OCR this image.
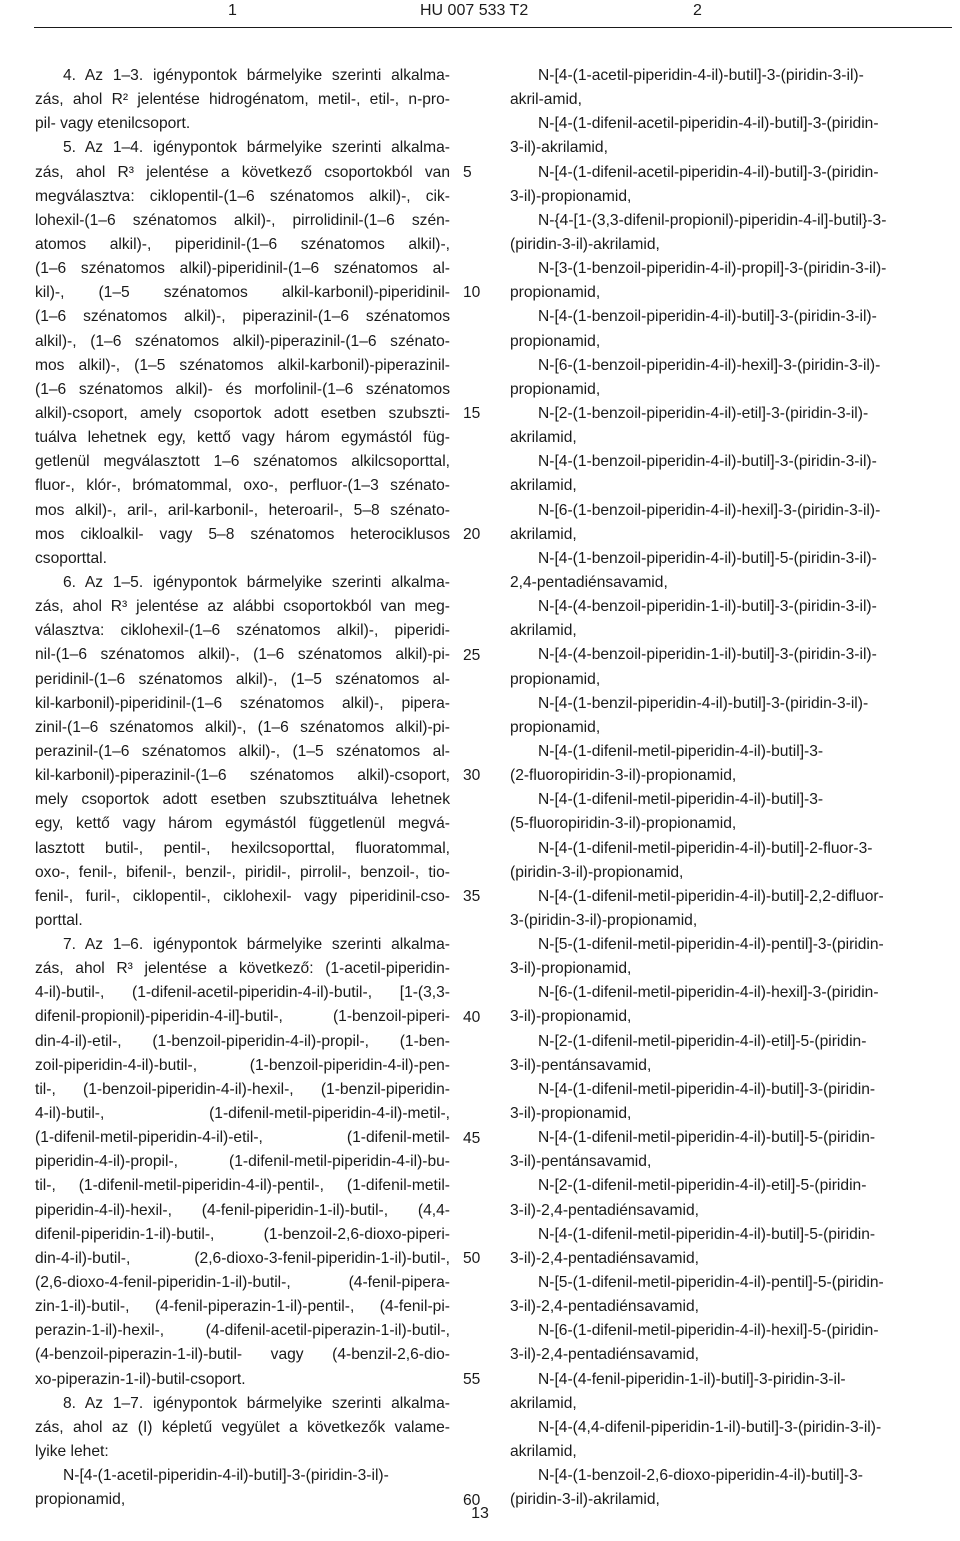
1	HU 007 533 T2	2
4. Az 1–3. igénypontok bármelyike szerinti alkalma-
zás, ahol R² jelentése hidrogénatom, metil-, etil-, n-pro-
pil- vagy etenilcsoport.
5. Az 1–4. igénypontok bármelyike szerinti alkalma-
zás, ahol R³ jelentése a következő csoportokból van
megválasztva: ciklopentil-(1–6 szénatomos alkil)-, cik-
lohexil-(1–6 szénatomos alkil)-, pirrolidinil-(1–6 szén-
atomos alkil)-, piperidinil-(1–6 szénatomos alkil)-,
(1–6 szénatomos alkil)-piperidinil-(1–6 szénatomos al-
kil)-, (1–5 szénatomos alkil-karbonil)-piperidinil-
(1–6 szénatomos alkil)-, piperazinil-(1–6 szénatomos
alkil)-, (1–6 szénatomos alkil)-piperazinil-(1–6 szénato-
mos alkil)-, (1–5 szénatomos alkil-karbonil)-piperazinil-
(1–6 szénatomos alkil)- és morfolinil-(1–6 szénatomos
alkil)-csoport, amely csoportok adott esetben szubszti-
tuálva lehetnek egy, kettő vagy három egymástól füg-
getlenül megválasztott 1–6 szénatomos alkilcsoporttal,
fluor-, klór-, brómatommal, oxo-, perfluor-(1–3 szénato-
mos alkil)-, aril-, aril-karbonil-, heteroaril-, 5–8 szénato-
mos cikloalkil- vagy 5–8 szénatomos heterociklusos
csoporttal.
6. Az 1–5. igénypontok bármelyike szerinti alkalma-
zás, ahol R³ jelentése az alábbi csoportokból van meg-
választva: ciklohexil-(1–6 szénatomos alkil)-, piperidi-
nil-(1–6 szénatomos alkil)-, (1–6 szénatomos alkil)-pi-
peridinil-(1–6 szénatomos alkil)-, (1–5 szénatomos al-
kil-karbonil)-piperidinil-(1–6 szénatomos alkil)-, pipera-
zinil-(1–6 szénatomos alkil)-, (1–6 szénatomos alkil)-pi-
perazinil-(1–6 szénatomos alkil)-, (1–5 szénatomos al-
kil-karbonil)-piperazinil-(1–6 szénatomos alkil)-csoport,
mely csoportok adott esetben szubsztituálva lehetnek
egy, kettő vagy három egymástól függetlenül megvá-
lasztott butil-, pentil-, hexilcsoporttal, fluoratommal,
oxo-, fenil-, bifenil-, benzil-, piridil-, pirrolil-, benzoil-, tio-
fenil-, furil-, ciklopentil-, ciklohexil- vagy piperidinil-cso-
porttal.
7. Az 1–6. igénypontok bármelyike szerinti alkalma-
zás, ahol R³ jelentése a következő: (1-acetil-piperidin-
4-il)-butil-, (1-difenil-acetil-piperidin-4-il)-butil-, [1-(3,3-
difenil-propionil)-piperidin-4-il]-butil-, (1-benzoil-piperi-
din-4-il)-etil-, (1-benzoil-piperidin-4-il)-propil-, (1-ben-
zoil-piperidin-4-il)-butil-, (1-benzoil-piperidin-4-il)-pen-
til-, (1-benzoil-piperidin-4-il)-hexil-, (1-benzil-piperidin-
4-il)-butil-, (1-difenil-metil-piperidin-4-il)-metil-,
(1-difenil-metil-piperidin-4-il)-etil-, (1-difenil-metil-
piperidin-4-il)-propil-, (1-difenil-metil-piperidin-4-il)-bu-
til-, (1-difenil-metil-piperidin-4-il)-pentil-, (1-difenil-metil-
piperidin-4-il)-hexil-, (4-fenil-piperidin-1-il)-butil-, (4,4-
difenil-piperidin-1-il)-butil-, (1-benzoil-2,6-dioxo-piperi-
din-4-il)-butil-, (2,6-dioxo-3-fenil-piperidin-1-il)-butil-,
(2,6-dioxo-4-fenil-piperidin-1-il)-butil-, (4-fenil-pipera-
zin-1-il)-butil-, (4-fenil-piperazin-1-il)-pentil-, (4-fenil-pi-
perazin-1-il)-hexil-, (4-difenil-acetil-piperazin-1-il)-butil-,
(4-benzoil-piperazin-1-il)-butil- vagy (4-benzil-2,6-dio-
xo-piperazin-1-il)-butil-csoport.
8. Az 1–7. igénypontok bármelyike szerinti alkalma-
zás, ahol az (I) képletű vegyület a következők valame-
lyike lehet:
N-[4-(1-acetil-piperidin-4-il)-butil]-3-(piridin-3-il)-
propionamid,
5
10
15
20
25
30
35
40
45
50
55
60
N-[4-(1-acetil-piperidin-4-il)-butil]-3-(piridin-3-il)-
akril-amid,
N-[4-(1-difenil-acetil-piperidin-4-il)-butil]-3-(piridin-
3-il)-akrilamid,
N-[4-(1-difenil-acetil-piperidin-4-il)-butil]-3-(piridin-
3-il)-propionamid,
N-{4-[1-(3,3-difenil-propionil)-piperidin-4-il]-butil}-3-
(piridin-3-il)-akrilamid,
N-[3-(1-benzoil-piperidin-4-il)-propil]-3-(piridin-3-il)-
propionamid,
N-[4-(1-benzoil-piperidin-4-il)-butil]-3-(piridin-3-il)-
propionamid,
N-[6-(1-benzoil-piperidin-4-il)-hexil]-3-(piridin-3-il)-
propionamid,
N-[2-(1-benzoil-piperidin-4-il)-etil]-3-(piridin-3-il)-
akrilamid,
N-[4-(1-benzoil-piperidin-4-il)-butil]-3-(piridin-3-il)-
akrilamid,
N-[6-(1-benzoil-piperidin-4-il)-hexil]-3-(piridin-3-il)-
akrilamid,
N-[4-(1-benzoil-piperidin-4-il)-butil]-5-(piridin-3-il)-
2,4-pentadiénsavamid,
N-[4-(4-benzoil-piperidin-1-il)-butil]-3-(piridin-3-il)-
akrilamid,
N-[4-(4-benzoil-piperidin-1-il)-butil]-3-(piridin-3-il)-
propionamid,
N-[4-(1-benzil-piperidin-4-il)-butil]-3-(piridin-3-il)-
propionamid,
N-[4-(1-difenil-metil-piperidin-4-il)-butil]-3-
(2-fluoropiridin-3-il)-propionamid,
N-[4-(1-difenil-metil-piperidin-4-il)-butil]-3-
(5-fluoropiridin-3-il)-propionamid,
N-[4-(1-difenil-metil-piperidin-4-il)-butil]-2-fluor-3-
(piridin-3-il)-propionamid,
N-[4-(1-difenil-metil-piperidin-4-il)-butil]-2,2-difluor-
3-(piridin-3-il)-propionamid,
N-[5-(1-difenil-metil-piperidin-4-il)-pentil]-3-(piridin-
3-il)-propionamid,
N-[6-(1-difenil-metil-piperidin-4-il)-hexil]-3-(piridin-
3-il)-propionamid,
N-[2-(1-difenil-metil-piperidin-4-il)-etil]-5-(piridin-
3-il)-pentánsavamid,
N-[4-(1-difenil-metil-piperidin-4-il)-butil]-3-(piridin-
3-il)-propionamid,
N-[4-(1-difenil-metil-piperidin-4-il)-butil]-5-(piridin-
3-il)-pentánsavamid,
N-[2-(1-difenil-metil-piperidin-4-il)-etil]-5-(piridin-
3-il)-2,4-pentadiénsavamid,
N-[4-(1-difenil-metil-piperidin-4-il)-butil]-5-(piridin-
3-il)-2,4-pentadiénsavamid,
N-[5-(1-difenil-metil-piperidin-4-il)-pentil]-5-(piridin-
3-il)-2,4-pentadiénsavamid,
N-[6-(1-difenil-metil-piperidin-4-il)-hexil]-5-(piridin-
3-il)-2,4-pentadiénsavamid,
N-[4-(4-fenil-piperidin-1-il)-butil]-3-piridin-3-il-
akrilamid,
N-[4-(4,4-difenil-piperidin-1-il)-butil]-3-(piridin-3-il)-
akrilamid,
N-[4-(1-benzoil-2,6-dioxo-piperidin-4-il)-butil]-3-
(piridin-3-il)-akrilamid,
13
